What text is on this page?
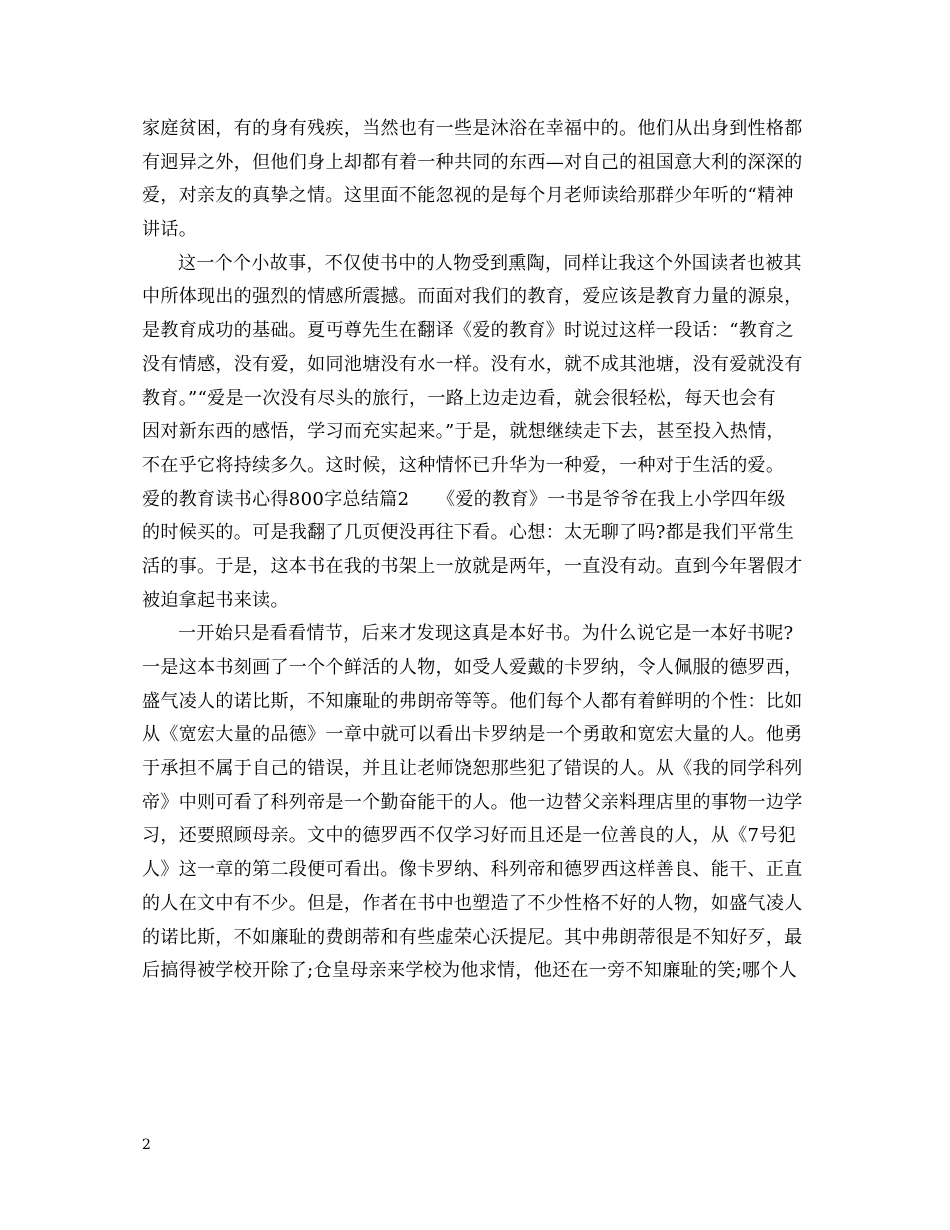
家庭贫困，有的身有残疾，当然也有一些是沐浴在幸福中的。他们从出身到性格都
有迥异之外，但他们身上却都有着一种共同的东西—对自己的祖国意大利的深深的
爱，对亲友的真挚之情。这里面不能忽视的是每个月老师读给那群少年听的“精神
讲话。
这一个个小故事，不仅使书中的人物受到熏陶，同样让我这个外国读者也被其
中所体现出的强烈的情感所震撼。而面对我们的教育，爱应该是教育力量的源泉，
是教育成功的基础。夏丏尊先生在翻译《爱的教育》时说过这样一段话：“教育之
没有情感，没有爱，如同池塘没有水一样。没有水，就不成其池塘，没有爱就没有
教育。”“爱是一次没有尽头的旅行，一路上边走边看，就会很轻松，每天也会有
因对新东西的感悟，学习而充实起来。”于是，就想继续走下去，甚至投入热情，
不在乎它将持续多久。这时候，这种情怀已升华为一种爱，一种对于生活的爱。
爱的教育读书心得800字总结篇2　　《爱的教育》一书是爷爷在我上小学四年级
的时候买的。可是我翻了几页便没再往下看。心想：太无聊了吗?都是我们平常生
活的事。于是，这本书在我的书架上一放就是两年，一直没有动。直到今年署假才
被迫拿起书来读。
一开始只是看看情节，后来才发现这真是本好书。为什么说它是一本好书呢?
一是这本书刻画了一个个鲜活的人物，如受人爱戴的卡罗纳，令人佩服的德罗西，
盛气凌人的诺比斯，不知廉耻的弗朗帝等等。他们每个人都有着鲜明的个性：比如
从《宽宏大量的品德》一章中就可以看出卡罗纳是一个勇敢和宽宏大量的人。他勇
于承担不属于自己的错误，并且让老师饶恕那些犯了错误的人。从《我的同学科列
帝》中则可看了科列帝是一个勤奋能干的人。他一边替父亲料理店里的事物一边学
习，还要照顾母亲。文中的德罗西不仅学习好而且还是一位善良的人，从《7号犯
人》这一章的第二段便可看出。像卡罗纳、科列帝和德罗西这样善良、能干、正直
的人在文中有不少。但是，作者在书中也塑造了不少性格不好的人物，如盛气凌人
的诺比斯，不如廉耻的费朗蒂和有些虚荣心沃提尼。其中弗朗蒂很是不知好歹，最
后搞得被学校开除了;仓皇母亲来学校为他求情，他还在一旁不知廉耻的笑;哪个人
2
